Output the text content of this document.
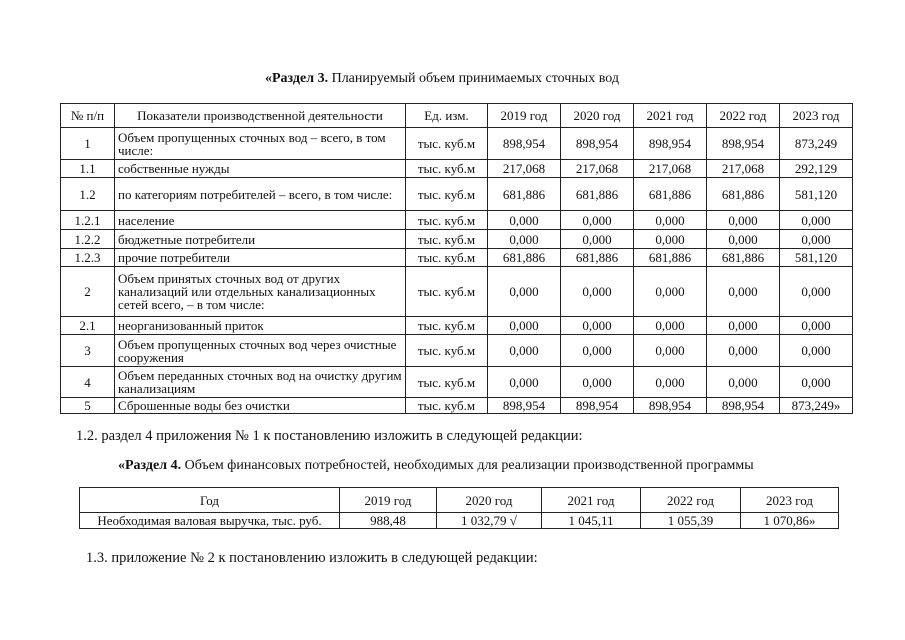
«Раздел 3. Планируемый объем принимаемых сточных вод
№ п/п	Показатели производственной деятельности	Ед. изм.	2019 год	2020 год	2021 год	2022 год	2023 год
1	Объем пропущенных сточных вод – всего, в том числе:	тыс. куб.м	898,954	898,954	898,954	898,954	873,249
1.1	собственные нужды	тыс. куб.м	217,068	217,068	217,068	217,068	292,129
1.2	по категориям потребителей – всего, в том числе:	тыс. куб.м	681,886	681,886	681,886	681,886	581,120
1.2.1	население	тыс. куб.м	0,000	0,000	0,000	0,000	0,000
1.2.2	бюджетные потребители	тыс. куб.м	0,000	0,000	0,000	0,000	0,000
1.2.3	прочие потребители	тыс. куб.м	681,886	681,886	681,886	681,886	581,120
2	Объем принятых сточных вод от других канализаций или отдельных канализационных сетей всего, – в том числе:	тыс. куб.м	0,000	0,000	0,000	0,000	0,000
2.1	неорганизованный приток	тыс. куб.м	0,000	0,000	0,000	0,000	0,000
3	Объем пропущенных сточных вод через очистные сооружения	тыс. куб.м	0,000	0,000	0,000	0,000	0,000
4	Объем переданных сточных вод на очистку другим канализациям	тыс. куб.м	0,000	0,000	0,000	0,000	0,000
5	Сброшенные воды без очистки	тыс. куб.м	898,954	898,954	898,954	898,954	873,249»
1.2. раздел 4 приложения № 1 к постановлению изложить в следующей редакции:
«Раздел 4. Объем финансовых потребностей, необходимых для реализации производственной программы
Год	2019 год	2020 год	2021 год	2022 год	2023 год
Необходимая валовая выручка, тыс. руб.	988,48	1 032,79 √	1 045,11	1 055,39	1 070,86»
1.3. приложение № 2 к постановлению изложить в следующей редакции:
